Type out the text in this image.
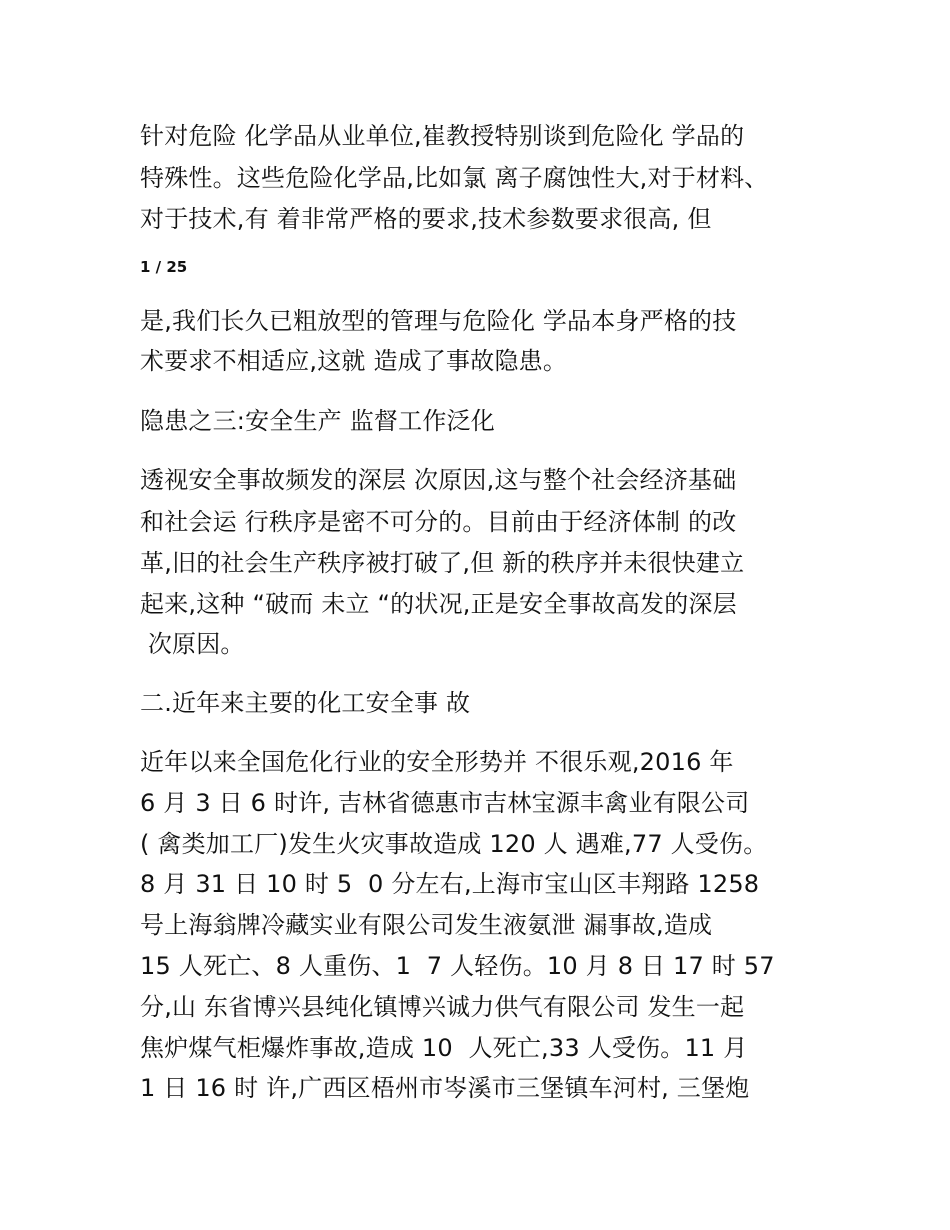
针对危险 化学品从业单位,崔教授特别谈到危险化 学品的
特殊性。这些危险化学品,比如氯 离子腐蚀性大,对于材料、
对于技术,有 着非常严格的要求,技术参数要求很高, 但
1 / 25
是,我们长久已粗放型的管理与危险化 学品本身严格的技
术要求不相适应,这就 造成了事故隐患。
隐患之三:安全生产 监督工作泛化
透视安全事故频发的深层 次原因,这与整个社会经济基础
和社会运 行秩序是密不可分的。目前由于经济体制 的改
革,旧的社会生产秩序被打破了,但 新的秩序并未很快建立
起来,这种 “破而 未立 “的状况,正是安全事故高发的深层
次原因。
二.近年来主要的化工安全事 故
近年以来全国危化行业的安全形势并 不很乐观,2016 年
6 月 3 日 6 时许, 吉林省德惠市吉林宝源丰禽业有限公司
( 禽类加工厂)发生火灾事故造成 120 人 遇难,77 人受伤。
8 月 31 日 10 时 5  0 分左右,上海市宝山区丰翔路 1258
号上海翁牌冷藏实业有限公司发生液氨泄 漏事故,造成
15 人死亡、8 人重伤、1  7 人轻伤。10 月 8 日 17 时 57
分,山 东省博兴县纯化镇博兴诚力供气有限公司 发生一起
焦炉煤气柜爆炸事故,造成 10  人死亡,33 人受伤。11 月
1 日 16 时 许,广西区梧州市岑溪市三堡镇车河村, 三堡炮
